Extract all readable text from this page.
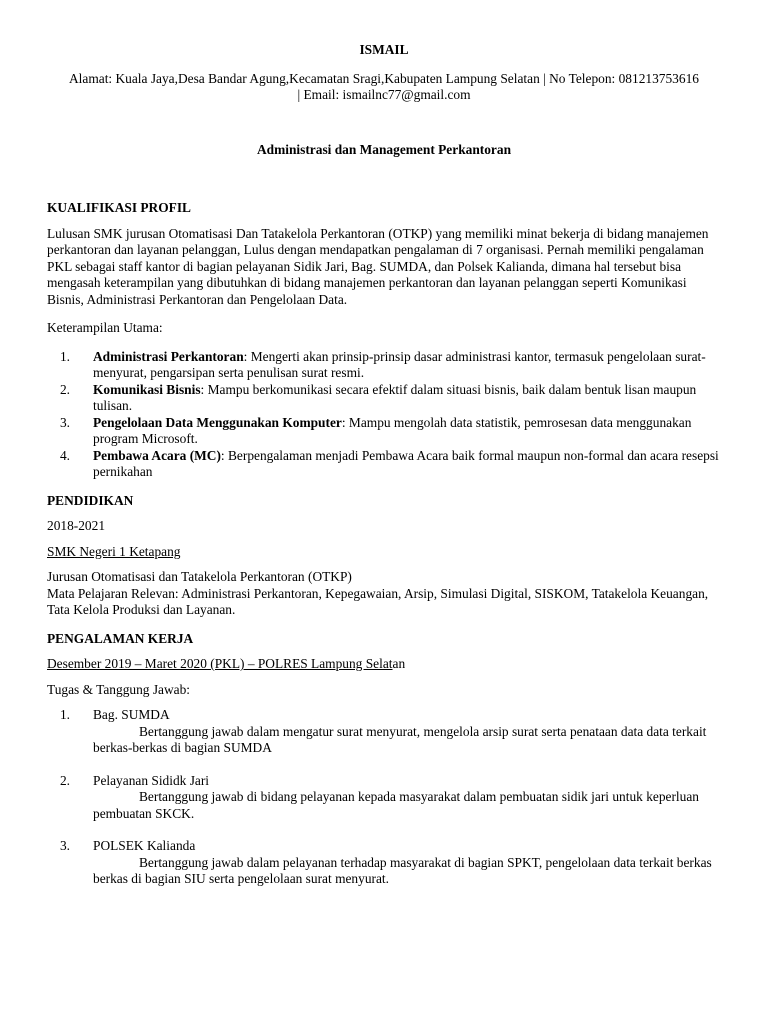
ISMAIL

Alamat: Kuala Jaya,Desa Bandar Agung,Kecamatan Sragi,Kabupaten Lampung Selatan | No Telepon: 081213753616

| Email: ismailnc77@gmail.com

Administrasi dan Management Perkantoran

KUALIFIKASI PROFIL

Lulusan SMK jurusan Otomatisasi Dan Tatakelola Perkantoran (OTKP) yang memiliki minat bekerja di bidang manajemen perkantoran dan layanan pelanggan, Lulus dengan mendapatkan pengalaman di 7 organisasi. Pernah memiliki pengalaman PKL sebagai staff kantor di bagian pelayanan Sidik Jari, Bag. SUMDA, dan Polsek Kalianda, dimana hal tersebut bisa mengasah keterampilan yang dibutuhkan di bidang manajemen perkantoran dan layanan pelanggan seperti Komunikasi Bisnis, Administrasi Perkantoran dan Pengelolaan Data.

Keterampilan Utama:

1.	Administrasi Perkantoran: Mengerti akan prinsip-prinsip dasar administrasi kantor, termasuk pengelolaan surat-menyurat, pengarsipan serta penulisan surat resmi.
2.	Komunikasi Bisnis: Mampu berkomunikasi secara efektif dalam situasi bisnis, baik dalam bentuk lisan maupun tulisan.
3.	Pengelolaan Data Menggunakan Komputer: Mampu mengolah data statistik, pemrosesan data menggunakan program Microsoft.
4.	Pembawa Acara (MC): Berpengalaman menjadi Pembawa Acara baik formal maupun non-formal dan acara resepsi pernikahan
PENDIDIKAN

2018-2021

SMK Negeri 1 Ketapang

Jurusan Otomatisasi dan Tatakelola Perkantoran (OTKP)

Mata Pelajaran Relevan: Administrasi Perkantoran, Kepegawaian, Arsip, Simulasi Digital, SISKOM, Tatakelola Keuangan, Tata Kelola Produksi dan Layanan.

PENGALAMAN KERJA

Desember 2019 – Maret 2020 (PKL) – POLRES Lampung Selatan

Tugas & Tanggung Jawab:

1.	Bag. SUMDA

Bertanggung jawab dalam mengatur surat menyurat, mengelola arsip surat serta penataan data data terkait berkas-berkas di bagian SUMDA

2.	Pelayanan Sididk Jari

Bertanggung jawab di bidang pelayanan kepada masyarakat dalam pembuatan sidik jari untuk keperluan pembuatan SKCK.

3.	POLSEK Kalianda

Bertanggung jawab dalam pelayanan terhadap masyarakat di bagian SPKT, pengelolaan data terkait berkas berkas di bagian SIU serta pengelolaan surat menyurat.
